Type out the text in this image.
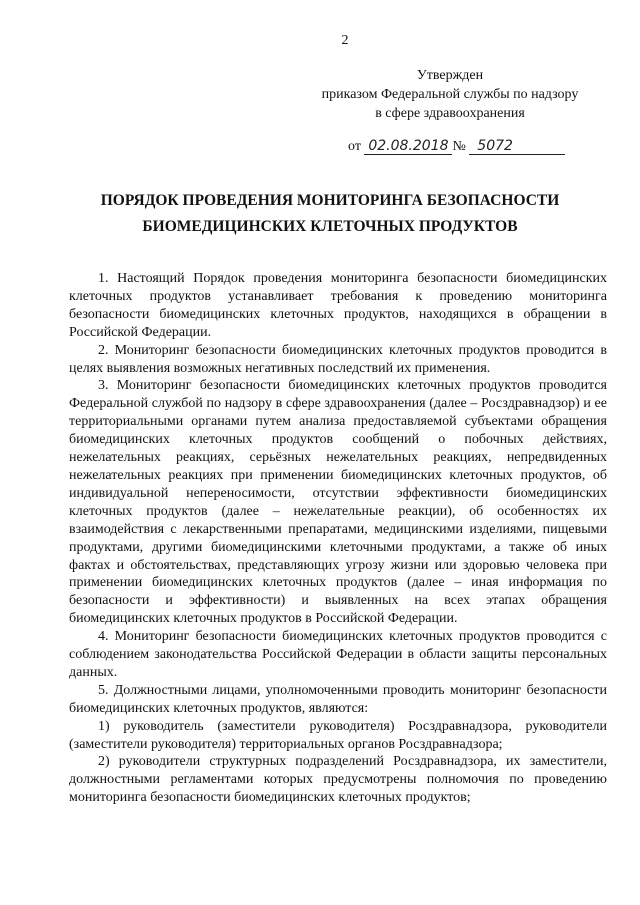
2
Утвержден
приказом Федеральной службы по надзору
в сфере здравоохранения
от 02.08.2018 № 5072
ПОРЯДОК ПРОВЕДЕНИЯ МОНИТОРИНГА БЕЗОПАСНОСТИ
БИОМЕДИЦИНСКИХ КЛЕТОЧНЫХ ПРОДУКТОВ

1. Настоящий Порядок проведения мониторинга безопасности биомедицинских клеточных продуктов устанавливает требования к проведению мониторинга безопасности биомедицинских клеточных продуктов, находящихся в обращении в Российской Федерации.

2. Мониторинг безопасности биомедицинских клеточных продуктов проводится в целях выявления возможных негативных последствий их применения.

3. Мониторинг безопасности биомедицинских клеточных продуктов проводится Федеральной службой по надзору в сфере здравоохранения (далее – Росздравнадзор) и ее территориальными органами путем анализа предоставляемой субъектами обращения биомедицинских клеточных продуктов сообщений о побочных действиях, нежелательных реакциях, серьёзных нежелательных реакциях, непредвиденных нежелательных реакциях при применении биомедицинских клеточных продуктов, об индивидуальной непереносимости, отсутствии эффективности биомедицинских клеточных продуктов (далее – нежелательные реакции), об особенностях их взаимодействия с лекарственными препаратами, медицинскими изделиями, пищевыми продуктами, другими биомедицинскими клеточными продуктами, а также об иных фактах и обстоятельствах, представляющих угрозу жизни или здоровью человека при применении биомедицинских клеточных продуктов (далее – иная информация по безопасности и эффективности) и выявленных на всех этапах обращения биомедицинских клеточных продуктов в Российской Федерации.

4. Мониторинг безопасности биомедицинских клеточных продуктов проводится с соблюдением законодательства Российской Федерации в области защиты персональных данных.

5. Должностными лицами, уполномоченными проводить мониторинг безопасности биомедицинских клеточных продуктов, являются:

1) руководитель (заместители руководителя) Росздравнадзора, руководители (заместители руководителя) территориальных органов Росздравнадзора;

2) руководители структурных подразделений Росздравнадзора, их заместители, должностными регламентами которых предусмотрены полномочия по проведению мониторинга безопасности биомедицинских клеточных продуктов;
